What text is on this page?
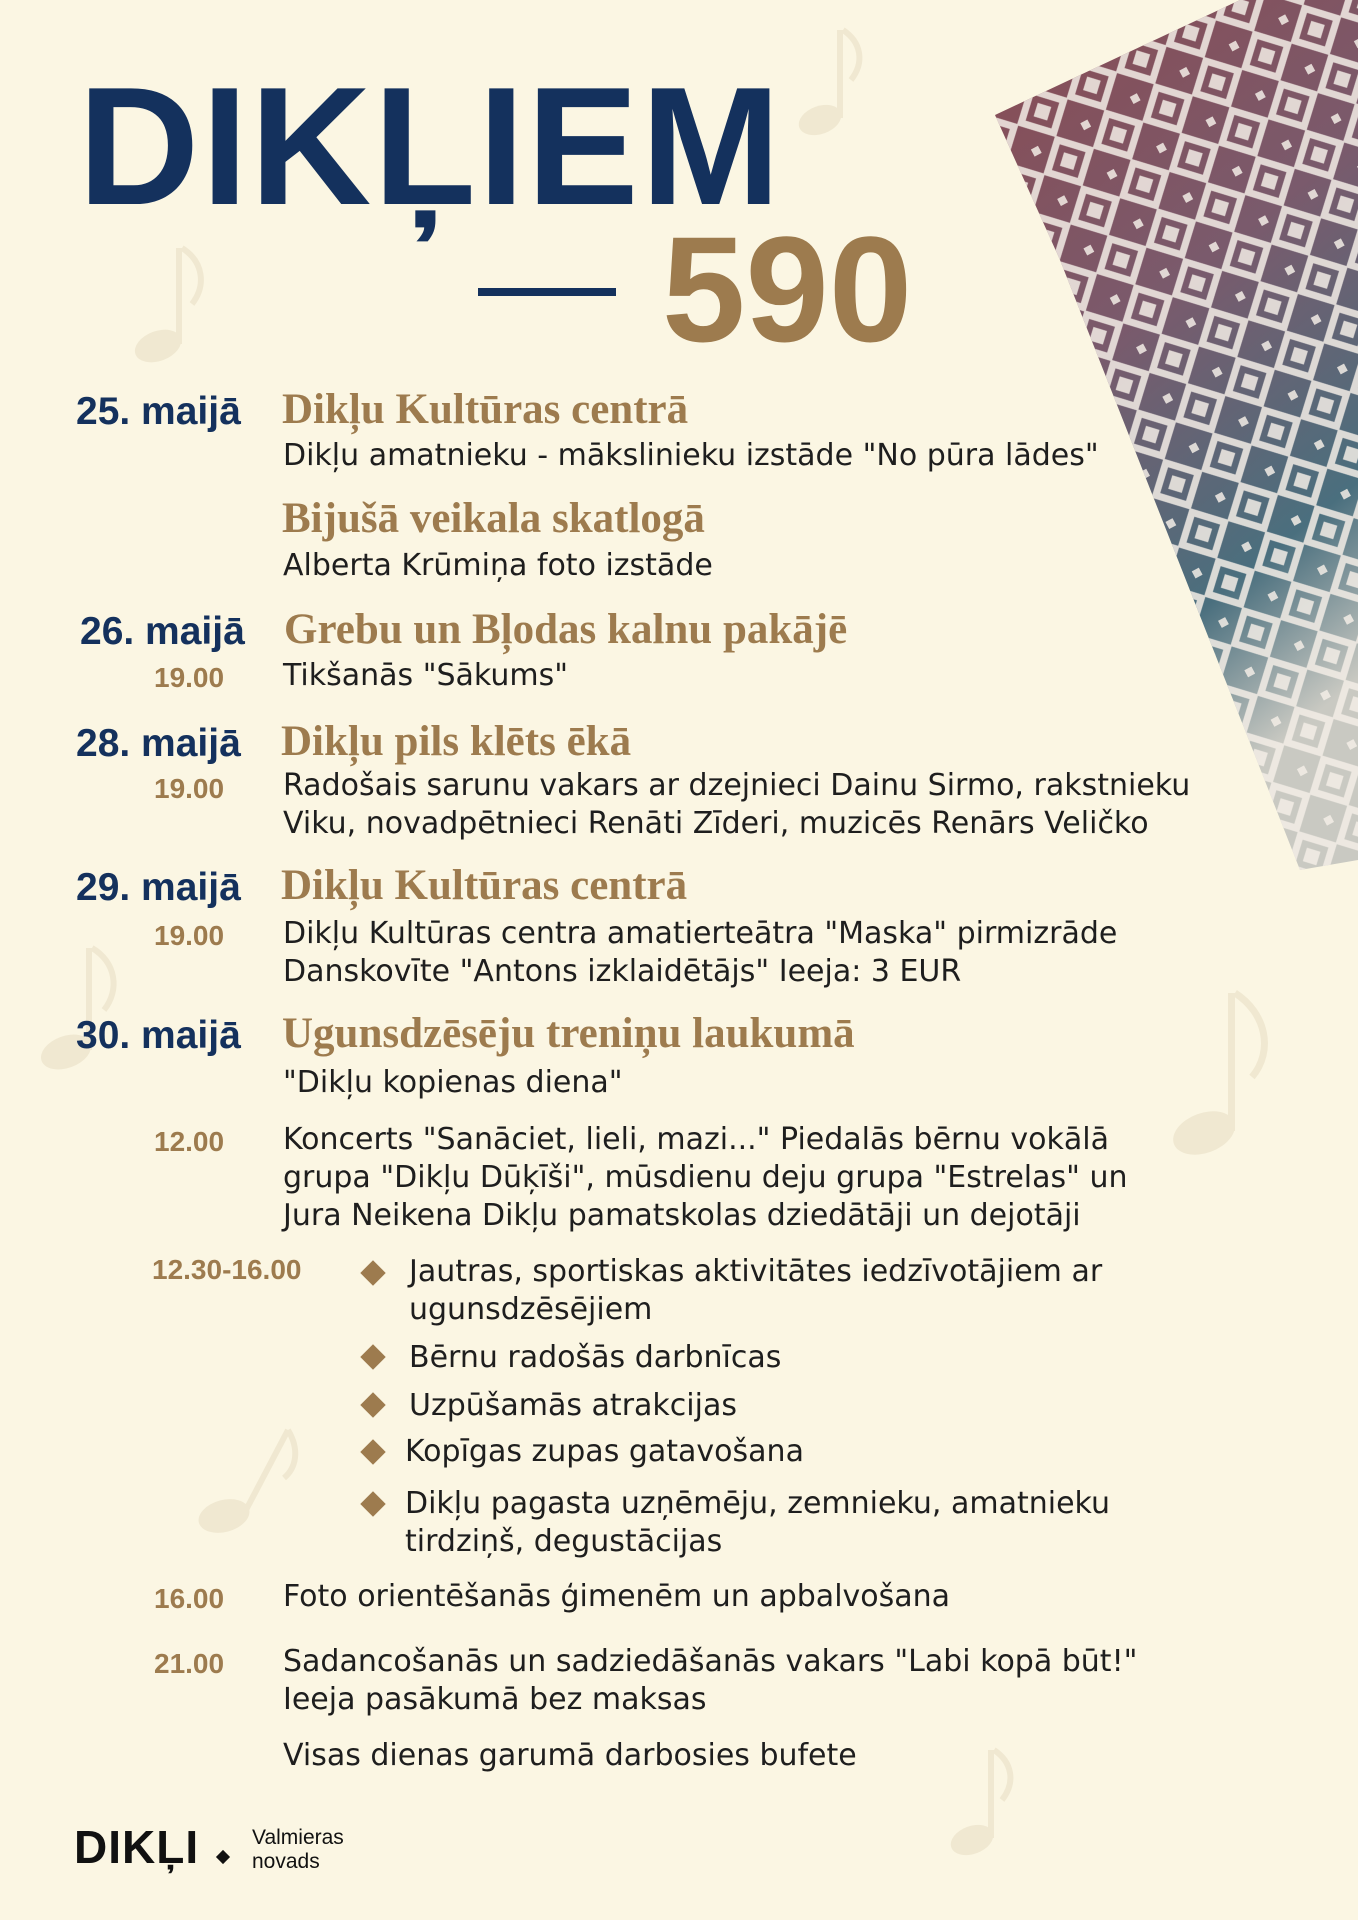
DIKĻIEM
590
25. maijā Dikļu Kultūras centrā
Dikļu amatnieku - mākslinieku izstāde "No pūra lādes"
Bijušā veikala skatlogā
Alberta Krūmiņa foto izstāde
26. maijā Grebu un Bļodas kalnu pakājē
19.00 Tikšanās "Sākums"
28. maijā Dikļu pils klēts ēkā
19.00 Radošais sarunu vakars ar dzejnieci Dainu Sirmo, rakstnieku
Viku, novadpētnieci Renāti Zīderi, muzicēs Renārs Veličko
29. maijā Dikļu Kultūras centrā
19.00 Dikļu Kultūras centra amatierteātra "Maska" pirmizrāde
Danskovīte "Antons izklaidētājs" Ieeja: 3 EUR
30. maijā Ugunsdzēsēju treniņu laukumā
"Dikļu kopienas diena"
12.00 Koncerts "Sanāciet, lieli, mazi..." Piedalās bērnu vokālā
grupa "Dikļu Dūķīši", mūsdienu deju grupa "Estrelas" un
Jura Neikena Dikļu pamatskolas dziedātāji un dejotāji
12.30-16.00	Jautras, sportiskas aktivitātes iedzīvotājiem ar
ugunsdzēsējiem
Bērnu radošās darbnīcas
Uzpūšamās atrakcijas
Kopīgas zupas gatavošana
Dikļu pagasta uzņēmēju, zemnieku, amatnieku
tirdziņš, degustācijas
16.00 Foto orientēšanās ģimenēm un apbalvošana
21.00 Sadancošanās un sadziedāšanās vakars "Labi kopā būt!"
Ieeja pasākumā bez maksas
Visas dienas garumā darbosies bufete
DIKĻI	Valmieras
novads
